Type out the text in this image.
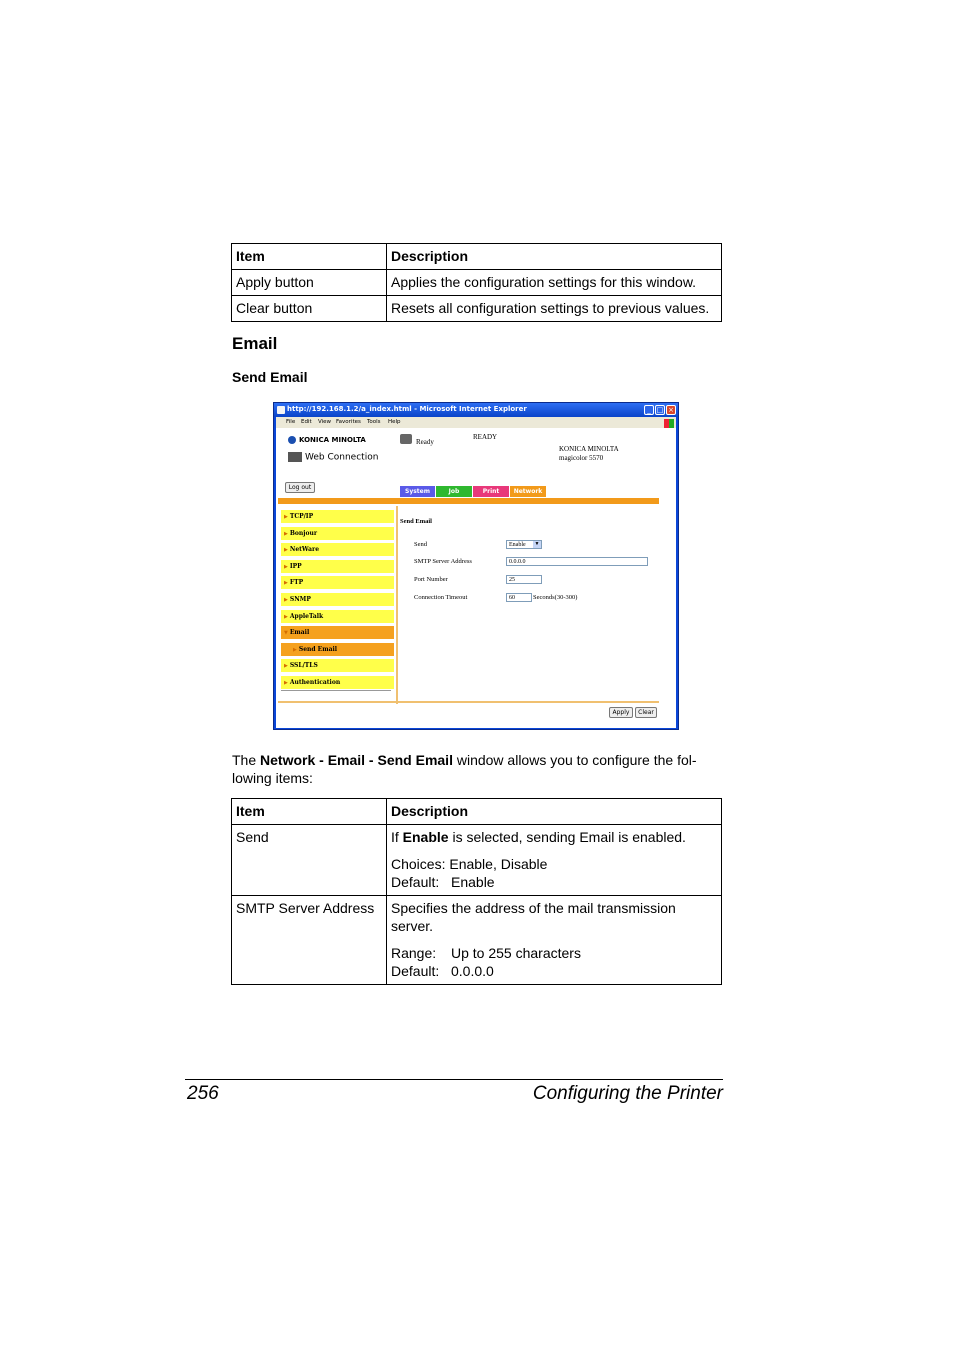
Item	Description
Apply button	Applies the configuration settings for this window.
Clear button	Resets all configuration settings to previous values.
Email
Send Email
http://192.168.1.2/a_index.html - Microsoft Internet Explorer	_ □ ×
File Edit View Favorites Tools Help
KONICA MINOLTA
Web Connection
Ready
READY
KONICA MINOLTA
magicolor 5570
Log out
System	Job	Print	Network
▶ TCP/IP
▶ Bonjour
▶ NetWare
▶ IPP
▶ FTP
▶ SNMP
▶ AppleTalk
▼ Email
▶ Send Email
▶ SSL/TLS
▶ Authentication
Send Email
Send	Enable	▼
SMTP Server Address	0.0.0.0
Port Number	25
Connection Timeout	60	Seconds(30-300)
Apply	Clear

The Network - Email - Send Email window allows you to configure the fol-lowing items:

Item	Description
Send	If Enable is selected, sending Email is enabled.
Choices: Enable, Disable
Default: Enable

SMTP Server Address	Specifies the address of the mail transmission server.
Range: Up to 255 characters
Default: 0.0.0.0
256	Configuring the Printer
